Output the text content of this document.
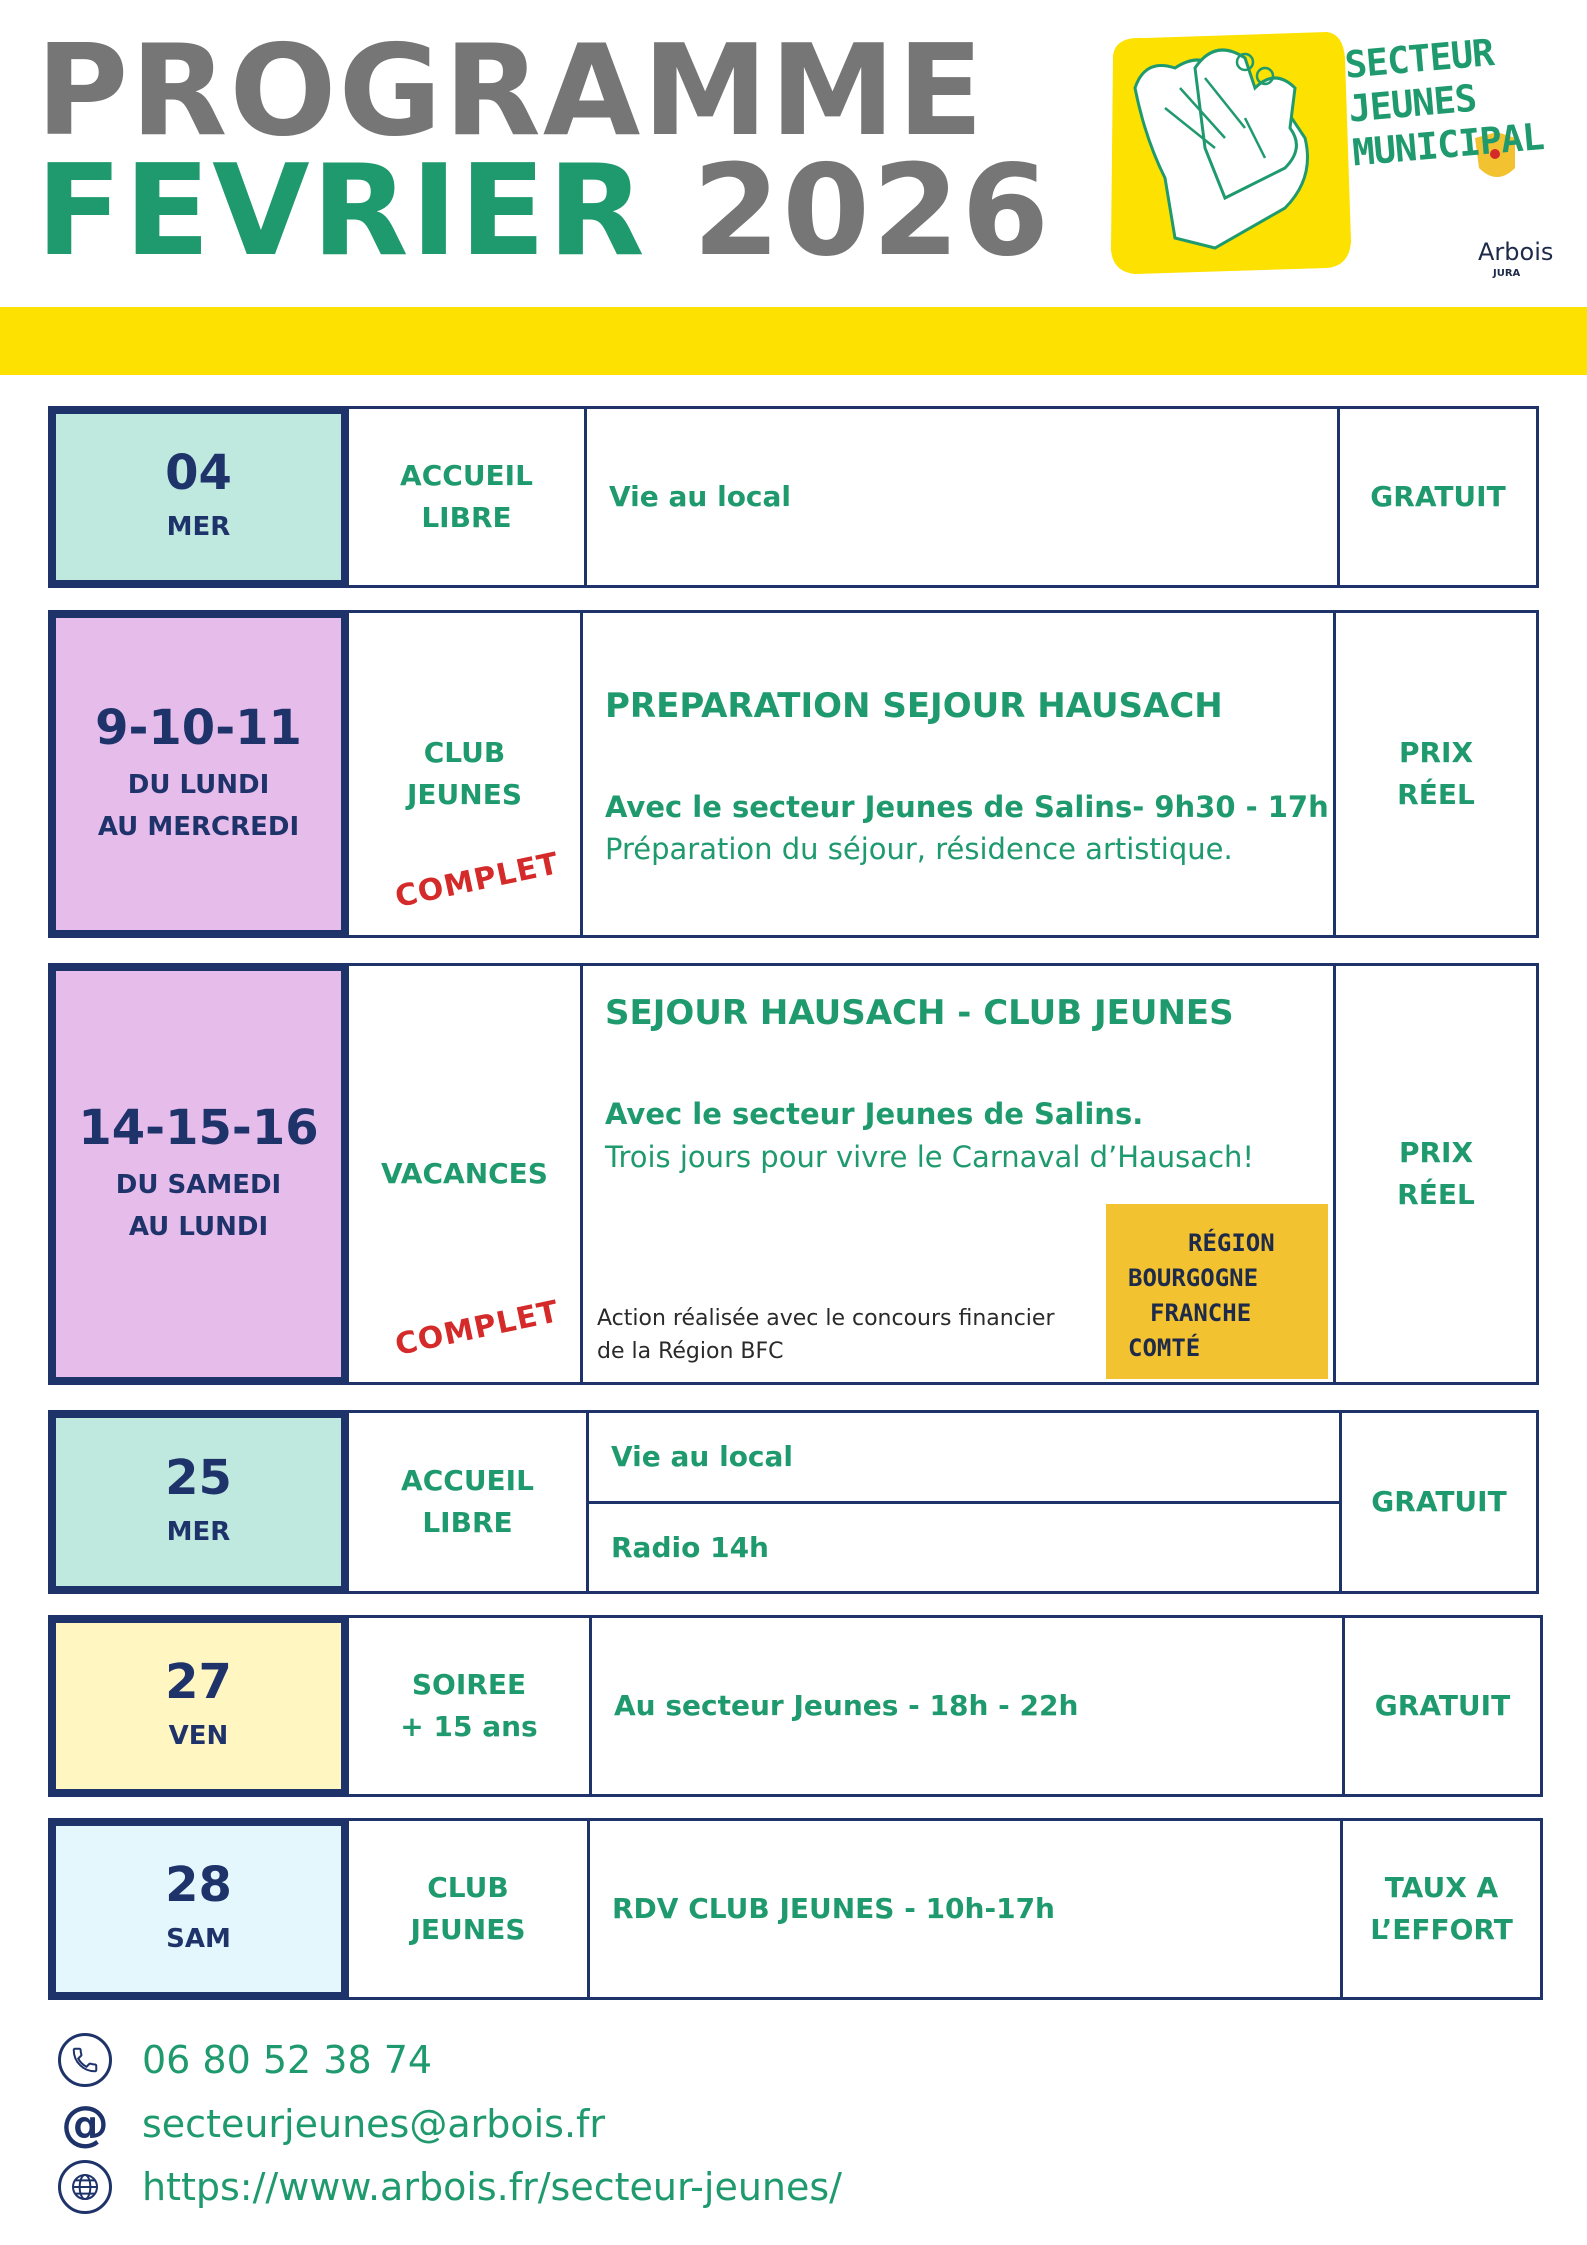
PROGRAMME
FEVRIER 2026
SECTEUR
JEUNES
MUNICIPAL
Arbois
JURA
04
MER
ACCUEIL
LIBRE
Vie au local	GRATUIT
9-10-11
DU LUNDI
AU MERCREDI
CLUB
JEUNES
COMPLET
PREPARATION SEJOUR HAUSACH
Avec le secteur Jeunes de Salins- 9h30 - 17h
Préparation du séjour, résidence artistique.
PRIX
RÉEL
14-15-16
DU SAMEDI
AU LUNDI
VACANCES
COMPLET
SEJOUR HAUSACH - CLUB JEUNES
Avec le secteur Jeunes de Salins.
Trois jours pour vivre le Carnaval d’Hausach!
Action réalisée avec le concours financier
de la Région BFC
RÉGION
BOURGOGNE
FRANCHE
COMTÉ
PRIX
RÉEL
25
MER
ACCUEIL
LIBRE
Vie au local
Radio 14h
GRATUIT
27
VEN
SOIREE
+ 15 ans
Au secteur Jeunes - 18h - 22h	GRATUIT
28
SAM
CLUB
JEUNES
RDV CLUB JEUNES - 10h-17h
TAUX A
L’EFFORT
06 80 52 38 74
@ secteurjeunes@arbois.fr
https://www.arbois.fr/secteur-jeunes/
